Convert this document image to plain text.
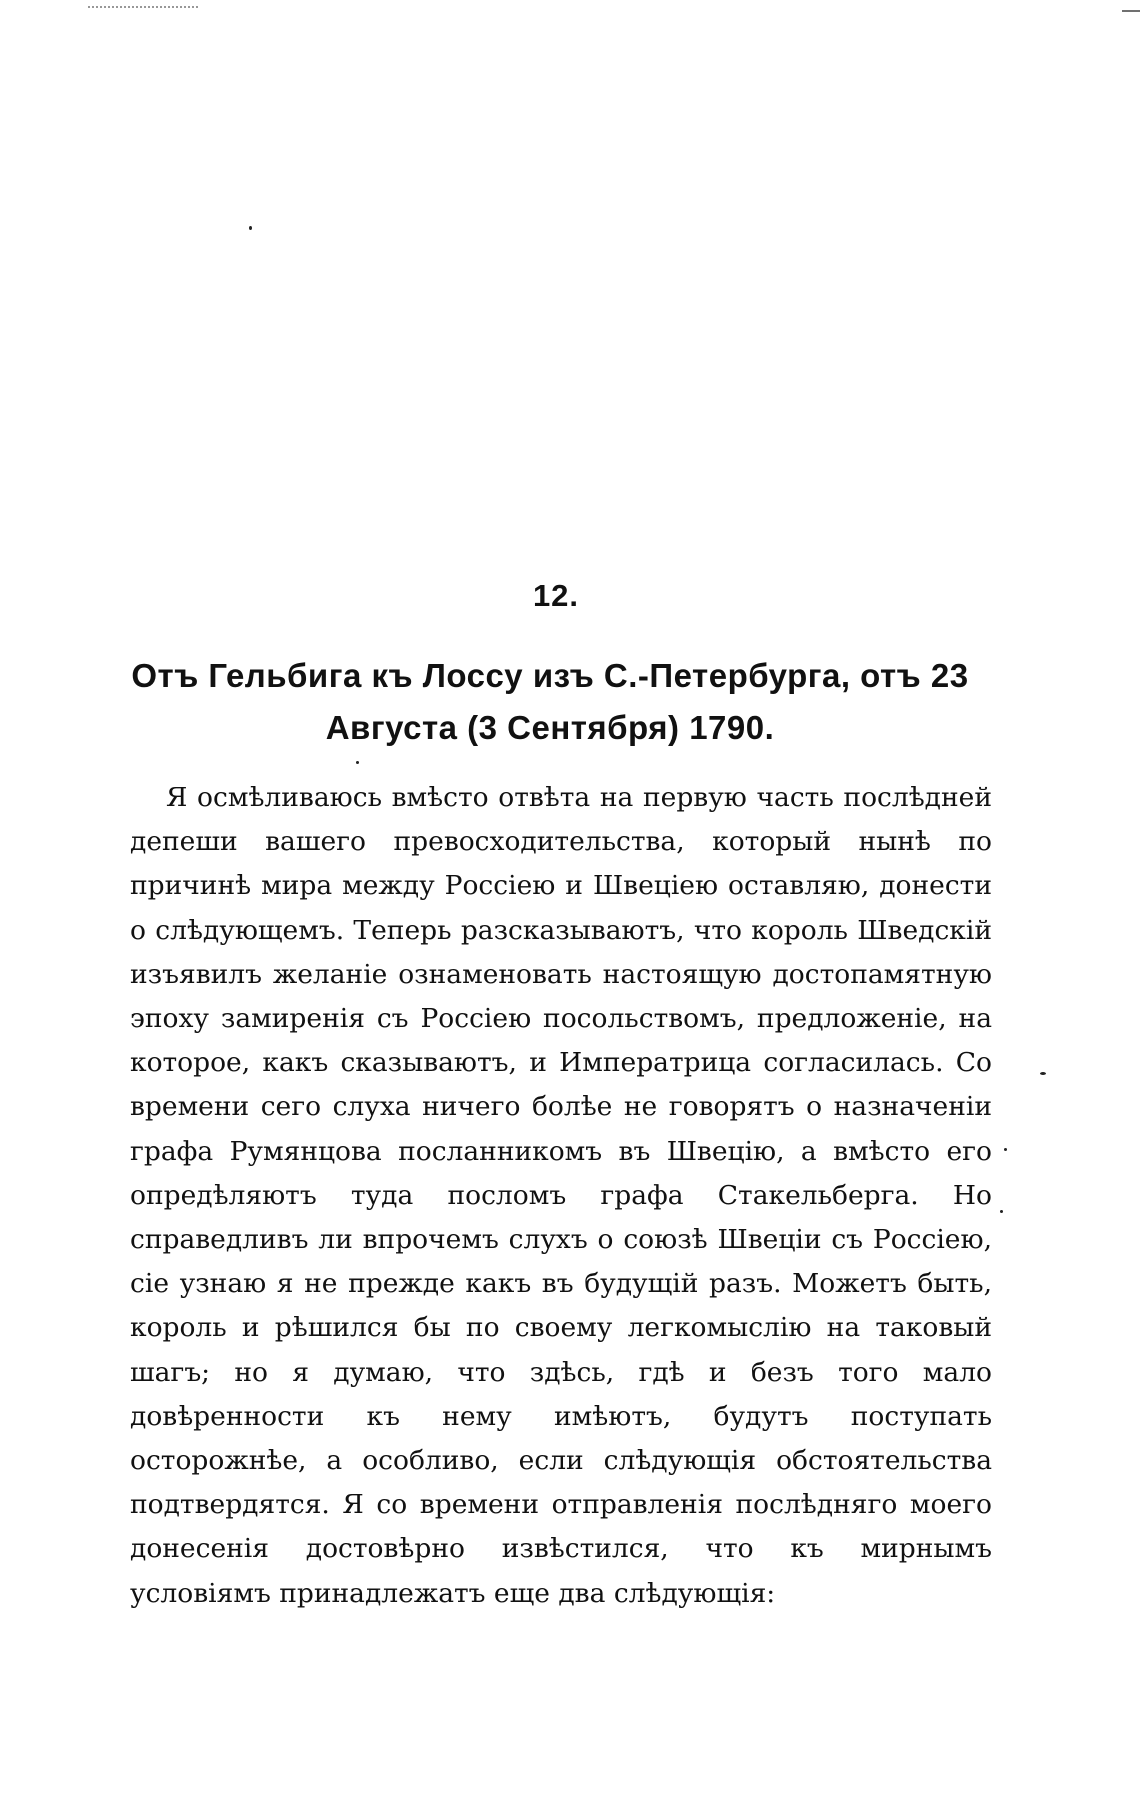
12.
Отъ Гельбига къ Лоссу изъ С.-Петербурга, отъ 23 Августа (3 Сентября) 1790.

Я осмѣливаюсь вмѣсто отвѣта на первую часть послѣдней депеши вашего превосходительства, который нынѣ по причинѣ мира между Россіею и Швеціею оставляю, донести о слѣдующемъ. Теперь разсказываютъ, что король Шведскій изъявилъ желаніе ознаменовать настоящую достопамятную эпоху замиренія съ Россіею посольствомъ, предложеніе, на которое, какъ сказываютъ, и Императрица согласилась. Со времени сего слуха ничего болѣе не говорятъ о назначеніи графа Румянцова посланникомъ въ Швецію, а вмѣсто его опредѣляютъ туда посломъ графа Стакельберга. Но справедливъ ли впрочемъ слухъ о союзѣ Швеціи съ Россіею, сіе узнаю я не прежде какъ въ будущій разъ. Можетъ быть, король и рѣшился бы по своему легкомыслію на таковый шагъ; но я думаю, что здѣсь, гдѣ и безъ того мало довѣренности къ нему имѣютъ, будутъ поступать осторожнѣе, а особливо, если слѣдующія обстоятельства подтвердятся. Я со времени отправленія послѣдняго моего донесенія достовѣрно извѣстился, что къ мирнымъ условіямъ принадлежатъ еще два слѣдующія:
